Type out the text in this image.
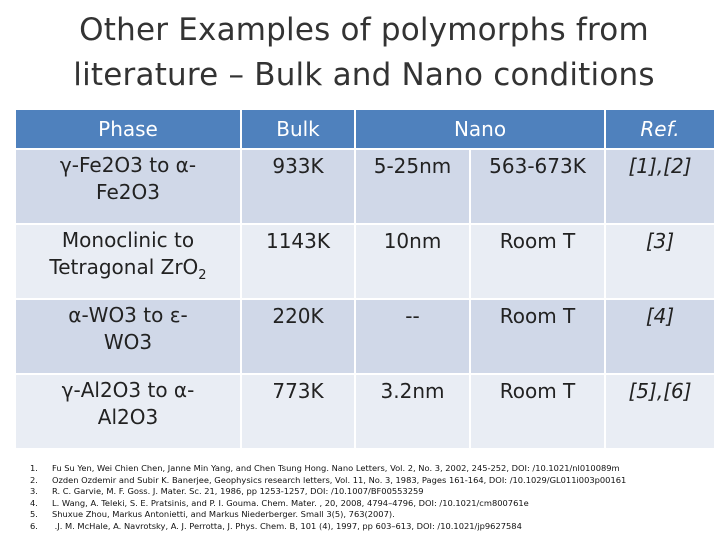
Other Examples of polymorphs from
literature – Bulk and Nano conditions
Phase	Bulk	Nano		Ref.
γ-Fe2O3 to α-
Fe2O3	933K	5-25nm	563-673K	[1],[2]
Monoclinic to
Tetragonal ZrO$_2$	1143K	10nm	Room T	[3]
α-WO3 to ε-
WO3	220K	--	Room T	[4]
γ-Al2O3 to α-
Al2O3	773K	3.2nm	Room T	[5],[6]
1. Fu Su Yen, Wei Chien Chen, Janne Min Yang, and Chen Tsung Hong. Nano Letters, Vol. 2, No. 3, 2002, 245-252, DOI: /10.1021/nl010089m
2. Ozden Ozdemir and Subir K. Banerjee, Geophysics research letters, Vol. 11, No. 3, 1983, Pages 161-164, DOI: /10.1029/GL011i003p00161
3. R. C. Garvie, M. F. Goss. J. Mater. Sc. 21, 1986, pp 1253-1257, DOI: /10.1007/BF00553259
4. L. Wang, A. Teleki, S. E. Pratsinis, and P. I. Gouma. Chem. Mater. , 20, 2008, 4794–4796, DOI: /10.1021/cm800761e
5. Shuxue Zhou, Markus Antonietti, and Markus Niederberger. Small 3(5), 763(2007).
6. .J. M. McHale, A. Navrotsky, A. J. Perrotta, J. Phys. Chem. B, 101 (4), 1997, pp 603–613, DOI: /10.1021/jp9627584
